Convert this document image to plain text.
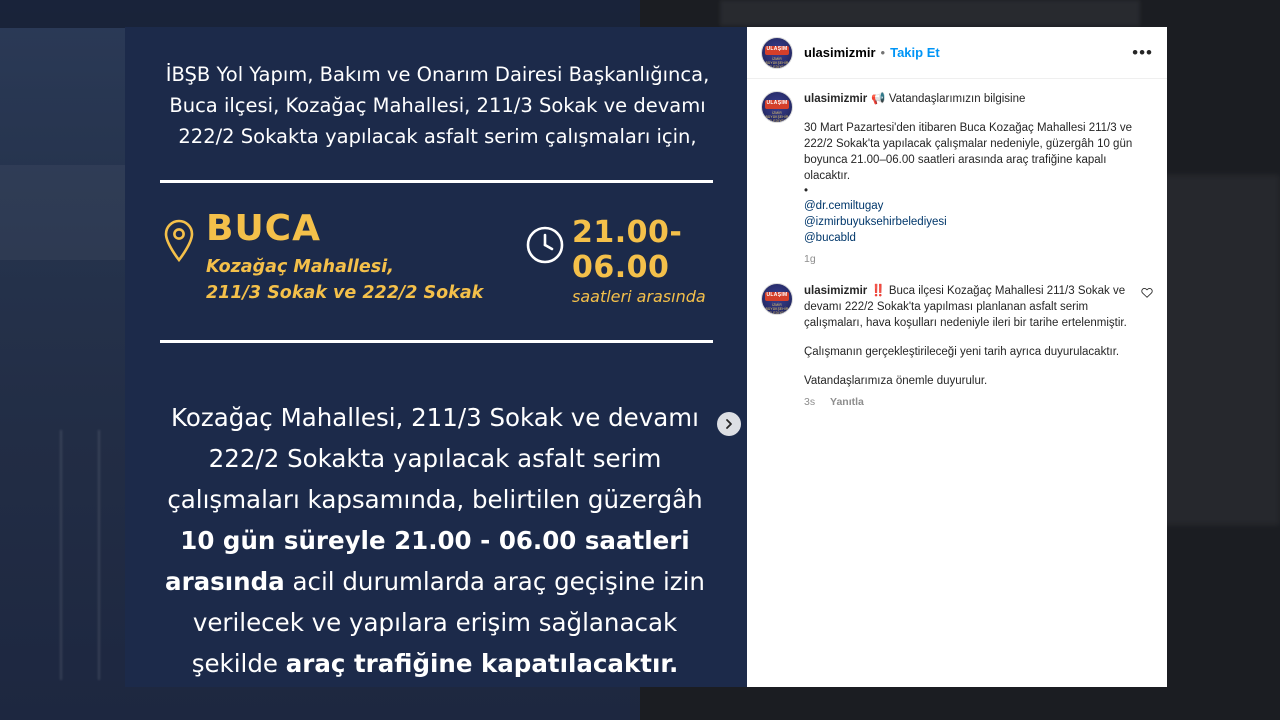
İBŞB Yol Yapım, Bakım ve Onarım Dairesi Başkanlığınca, Buca ilçesi, Kozağaç Mahallesi, 211/3 Sokak ve devamı 222/2 Sokakta yapılacak asfalt serim çalışmaları için,
BUCA
Kozağaç Mahallesi,
211/3 Sokak ve 222/2 Sokak
21.00-06.00
saatleri arasında
Kozağaç Mahallesi, 211/3 Sokak ve devamı 222/2 Sokakta yapılacak asfalt serim çalışmaları kapsamında, belirtilen güzergâh 10 gün süreyle 21.00 - 06.00 saatleri arasında acil durumlarda araç geçişine izin verilecek ve yapılara erişim sağlanacak şekilde araç trafiğine kapatılacaktır.
ULAŞIM
İZMİR BÜYÜKŞEHİR BELEDİYESİ
ulasimizmir • Takip Et	•••
ULAŞIM
İZMİR BÜYÜKŞEHİR BELEDİYESİ
ulasimizmir 📢 Vatandaşlarımızın bilgisine
30 Mart Pazartesi'den itibaren Buca Kozağaç Mahallesi 211/3 ve 222/2 Sokak'ta yapılacak çalışmalar nedeniyle, güzergâh 10 gün boyunca 21.00–06.00 saatleri arasında araç trafiğine kapalı olacaktır.
•
@dr.cemiltugay
@izmirbuyuksehirbelediyesi
@bucabld
1g
ULAŞIM
İZMİR BÜYÜKŞEHİR BELEDİYESİ
ulasimizmir ‼️ Buca ilçesi Kozağaç Mahallesi 211/3 Sokak ve devamı 222/2 Sokak'ta yapılması planlanan asfalt serim çalışmaları, hava koşulları nedeniyle ileri bir tarihe ertelenmiştir.
Çalışmanın gerçekleştirileceği yeni tarih ayrıca duyurulacaktır.
Vatandaşlarımıza önemle duyurulur.
3s Yanıtla
